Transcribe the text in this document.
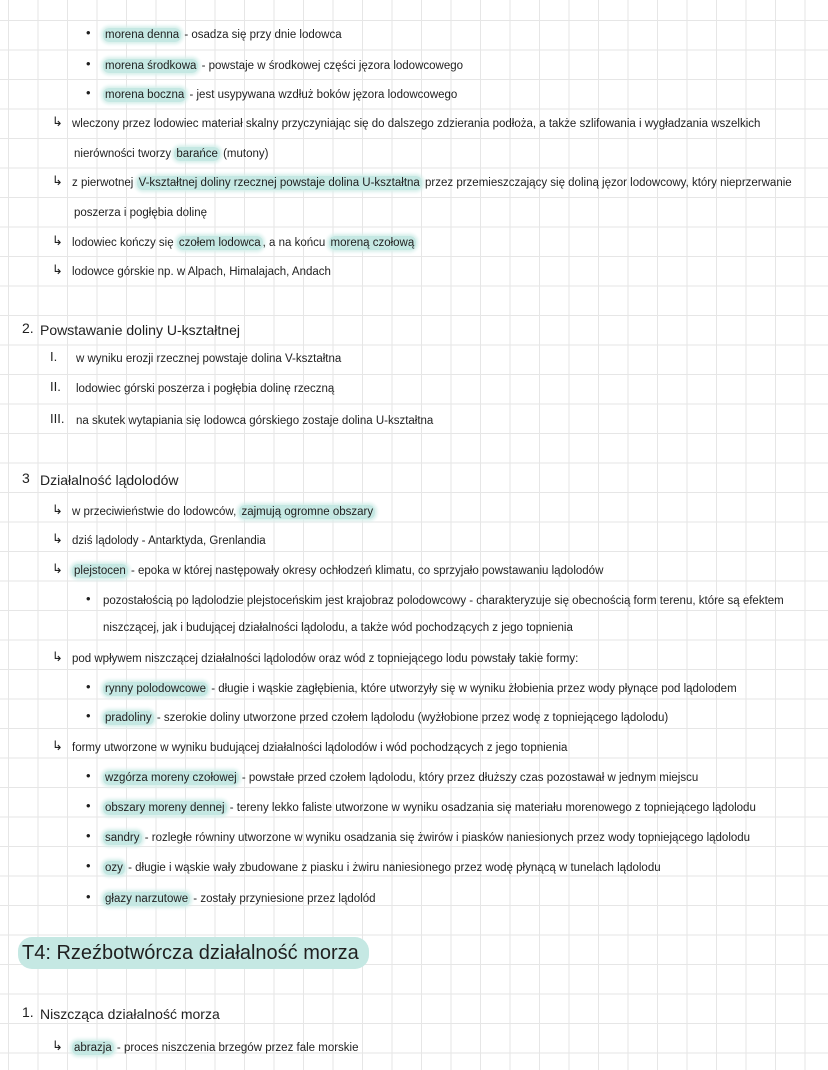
• morena denna - osadza się przy dnie lodowca
• morena środkowa - powstaje w środkowej części jęzora lodowcowego
• morena boczna - jest usypywana wzdłuż boków jęzora lodowcowego
↳ wleczony przez lodowiec materiał skalny przyczyniając się do dalszego zdzierania podłoża, a także szlifowania i wygładzania wszelkich
nierówności tworzy barańce (mutony)
↳ z pierwotnej V-kształtnej doliny rzecznej powstaje dolina U-kształtna przez przemieszczający się doliną jęzor lodowcowy, który nieprzerwanie
poszerza i pogłębia dolinę
↳ lodowiec kończy się czołem lodowca , a na końcu moreną czołową
↳ lodowce górskie np. w Alpach, Himalajach, Andach
2. Powstawanie doliny U-kształtnej
I. w wyniku erozji rzecznej powstaje dolina V-kształtna
II. lodowiec górski poszerza i pogłębia dolinę rzeczną
III. na skutek wytapiania się lodowca górskiego zostaje dolina U-kształtna
3 Działalność lądolodów
↳ w przeciwieństwie do lodowców, zajmują ogromne obszary
↳ dziś lądolody - Antarktyda, Grenlandia
↳ plejstocen - epoka w której następowały okresy ochłodzeń klimatu, co sprzyjało powstawaniu lądolodów
• pozostałością po lądolodzie plejstoceńskim jest krajobraz polodowcowy - charakteryzuje się obecnością form terenu, które są efektem
niszczącej, jak i budującej działalności lądolodu, a także wód pochodzących z jego topnienia
↳ pod wpływem niszczącej działalności lądolodów oraz wód z topniejącego lodu powstały takie formy:
• rynny polodowcowe - długie i wąskie zagłębienia, które utworzyły się w wyniku żłobienia przez wody płynące pod lądolodem
• pradoliny - szerokie doliny utworzone przed czołem lądolodu (wyżłobione przez wodę z topniejącego lądolodu)
↳ formy utworzone w wyniku budującej działalności lądolodów i wód pochodzących z jego topnienia
• wzgórza moreny czołowej - powstałe przed czołem lądolodu, który przez dłuższy czas pozostawał w jednym miejscu
• obszary moreny dennej - tereny lekko faliste utworzone w wyniku osadzania się materiału morenowego z topniejącego lądolodu
• sandry - rozległe równiny utworzone w wyniku osadzania się żwirów i piasków naniesionych przez wody topniejącego lądolodu
• ozy - długie i wąskie wały zbudowane z piasku i żwiru naniesionego przez wodę płynącą w tunelach lądolodu
• głazy narzutowe - zostały przyniesione przez lądolód
T4: Rzeźbotwórcza działalność morza
1. Niszcząca działalność morza
↳ abrazja - proces niszczenia brzegów przez fale morskie
